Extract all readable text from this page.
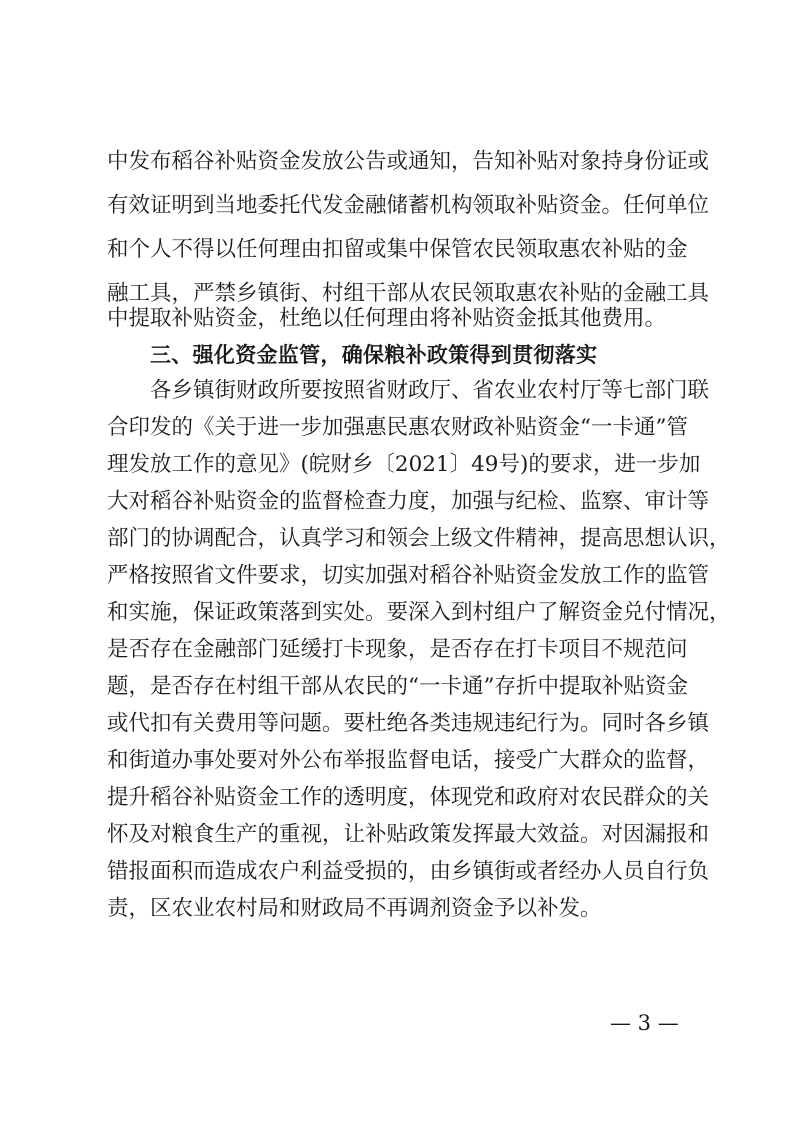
中发布稻谷补贴资金发放公告或通知，告知补贴对象持身份证或
有效证明到当地委托代发金融储蓄机构领取补贴资金。任何单位
和个人不得以任何理由扣留或集中保管农民领取惠农补贴的金
融工具，严禁乡镇街、村组干部从农民领取惠农补贴的金融工具
中提取补贴资金，杜绝以任何理由将补贴资金抵其他费用。
三、强化资金监管，确保粮补政策得到贯彻落实
各乡镇街财政所要按照省财政厅、省农业农村厅等七部门联
合印发的《关于进一步加强惠民惠农财政补贴资金“一卡通”管
理发放工作的意见》(皖财乡〔2021〕49号)的要求，进一步加
大对稻谷补贴资金的监督检查力度，加强与纪检、监察、审计等
部门的协调配合，认真学习和领会上级文件精神，提高思想认识，
严格按照省文件要求，切实加强对稻谷补贴资金发放工作的监管
和实施，保证政策落到实处。要深入到村组户了解资金兑付情况，
是否存在金融部门延缓打卡现象，是否存在打卡项目不规范问
题，是否存在村组干部从农民的“一卡通”存折中提取补贴资金
或代扣有关费用等问题。要杜绝各类违规违纪行为。同时各乡镇
和街道办事处要对外公布举报监督电话，接受广大群众的监督，
提升稻谷补贴资金工作的透明度，体现党和政府对农民群众的关
怀及对粮食生产的重视，让补贴政策发挥最大效益。对因漏报和
错报面积而造成农户利益受损的，由乡镇街或者经办人员自行负
责，区农业农村局和财政局不再调剂资金予以补发。
— 3 —
